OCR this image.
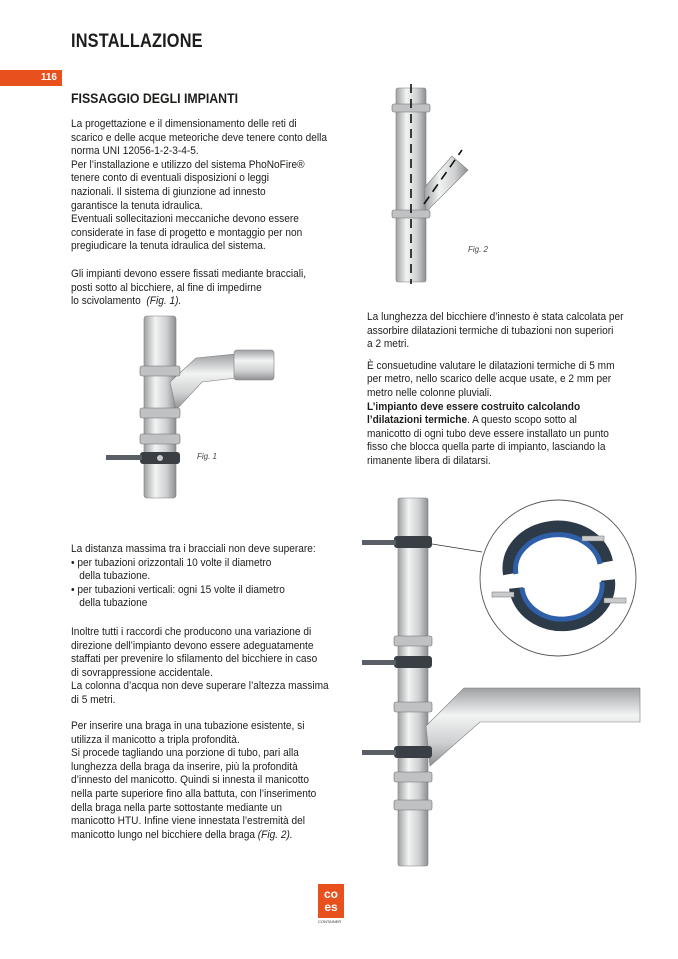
INSTALLAZIONE
116
FISSAGGIO DEGLI IMPIANTI

La progettazione e il dimensionamento delle reti di

scarico e delle acque meteoriche deve tenere conto della

norma UNI 12056-1-2-3-4-5.

Per l’installazione e utilizzo del sistema PhoNoFire®

tenere conto di eventuali disposizioni o leggi

nazionali. Il sistema di giunzione ad innesto

garantisce la tenuta idraulica.

Eventuali sollecitazioni meccaniche devono essere

considerate in fase di progetto e montaggio per non

pregiudicare la tenuta idraulica del sistema.

Gli impianti devono essere fissati mediante bracciali,

posti sotto al bicchiere, al fine di impedirne

lo scivolamento (Fig. 1).

Fig. 1
Fig. 2

La lunghezza del bicchiere d’innesto è stata calcolata per

assorbire dilatazioni termiche di tubazioni non superiori

a 2 metri.

È consuetudine valutare le dilatazioni termiche di 5 mm

per metro, nello scarico delle acque usate, e 2 mm per

metro nelle colonne pluviali.

L’impianto deve essere costruito calcolando

l’dilatazioni termiche. A questo scopo sotto al

manicotto di ogni tubo deve essere installato un punto

fisso che blocca quella parte di impianto, lasciando la

rimanente libera di dilatarsi.

La distanza massima tra i bracciali non deve superare:

• per tubazioni orizzontali 10 volte il diametro

della tubazione.

• per tubazioni verticali: ogni 15 volte il diametro

della tubazione

Inoltre tutti i raccordi che producono una variazione di

direzione dell’impianto devono essere adeguatamente

staffati per prevenire lo sfilamento del bicchiere in caso

di sovrappressione accidentale.

La colonna d’acqua non deve superare l’altezza massima

di 5 metri.

Per inserire una braga in una tubazione esistente, si

utilizza il manicotto a tripla profondità.

Si procede tagliando una porzione di tubo, pari alla

lunghezza della braga da inserire, più la profondità

d’innesto del manicotto. Quindi si innesta il manicotto

nella parte superiore fino alla battuta, con l’inserimento

della braga nella parte sottostante mediante un

manicotto HTU. Infine viene innestata l’estremità del

manicotto lungo nel bicchiere della braga (Fig. 2).

co
es
CONTAINER
